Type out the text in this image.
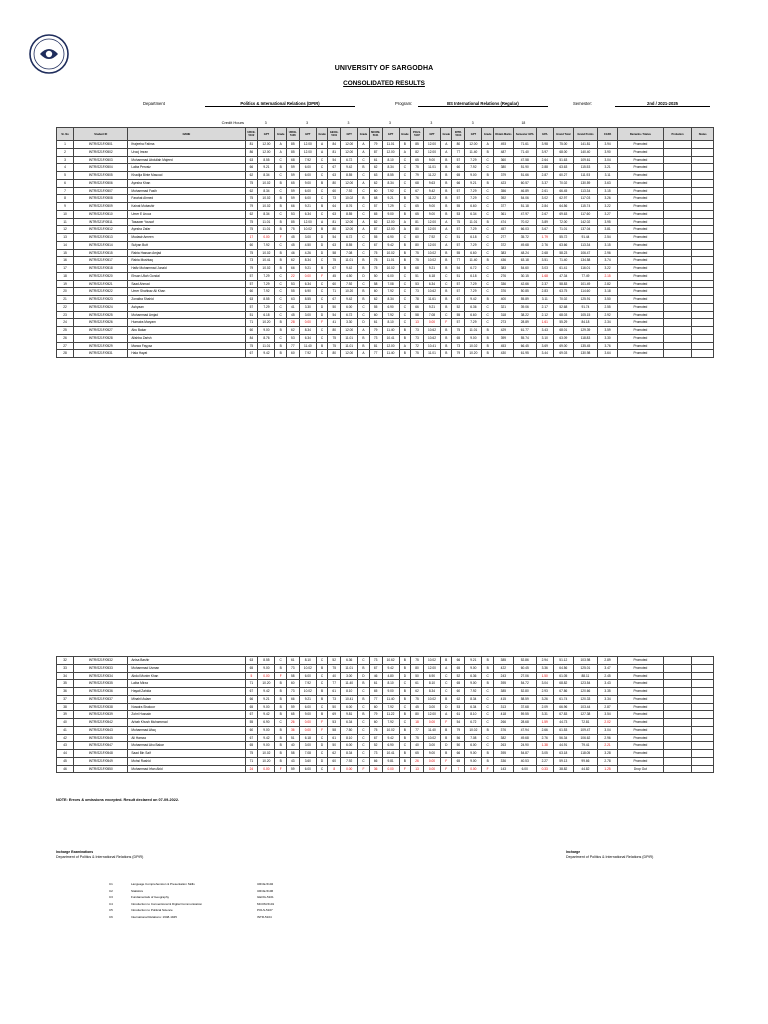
UNIVERSITY OF SARGODHA
CONSOLIDATED RESULTS
Department	Politics & International Relations (DPIR)	Program:	BS International Relations (Regular)	Semester:	2nd / 2021-2025
Credit Hours			3			3			3			3			3			3			18								
Sr. No	Student ID	NAME	URCE-5102	GPT	Grade	URCE-5106	GPT	Grade	GEOG-5101	GPT	Grade	MCOM-5101	GPT	Grade	POLS-5107	GPT	Grade	INTR-5104	GPT	Grade	Obtain Marks	Semester GPA	GPA	Grand Total	Grand Points	CGPA	Remarks / Status	Probation	Status
1	INTR/S21F/0501	Ifrajeeha Fatima	81	12.00	A	85	12.00	A	84	12.00	A	79	11.01	B	85	12.00	A	80	12.00	A	493	71.61	3.98	75.00	141.81	3.94	Promoted		
2	INTR/S21F/0502	Urooj Imran	86	12.00	A	85	12.00	A	81	12.00	A	87	12.00	A	82	12.00	A	77	11.40	B	487	71.40	3.97	68.00	140.40	3.90	Promoted		
3	INTR/S21F/0503	Muhammad Abdullah Majeed	63	8.55	C	68	7.92	C	54	6.72	C	61	8.10	C	65	9.00	B	57	7.29	C	360	47.58	2.64	51.63	109.61	3.04	Promoted		
4	INTR/S21F/0504	Laiba Pervaiz	66	9.21	B	59	6.00	C	67	9.42	B	62	8.34	C	75	11.01	B	60	7.92	C	380	51.90	2.88	63.63	115.53	3.21	Promoted		
5	INTR/S21F/0505	Khadija Binte Masood	62	8.34	C	59	6.00	C	63	8.55	C	63	8.55	C	79	11.22	B	65	9.00	B	379	51.66	2.87	60.27	111.93	3.11	Promoted		
6	INTR/S21F/0506	Ayesha Khan	75	10.02	B	65	9.00	B	80	12.00	A	62	8.34	C	68	9.63	B	66	9.21	B	423	60.57	3.37	70.02	130.59	3.63	Promoted		
7	INTR/S21F/0507	Muhammad Fasih	62	8.34	C	59	6.00	C	60	7.92	C	60	7.92	C	67	9.42	B	57	7.29	C	356	46.89	2.61	66.45	113.34	3.15	Promoted		
8	INTR/S21F/0508	Farahat Ahmed	75	10.02	B	59	6.00	C	73	10.02	B	68	9.21	B	76	11.22	B	57	7.29	C	392	54.06	3.02	62.97	117.03	3.26	Promoted		
9	INTR/S21F/0509	Kainat Mubashir	79	10.02	B	66	9.21	B	64	8.76	C	57	7.29	C	65	9.00	B	55	6.60	C	377	51.18	2.84	64.56	115.74	3.22	Promoted		
10	INTR/S21F/0510	Umer E Arooz	62	8.34	C	53	6.34	C	63	8.55	C	65	9.00	B	65	9.00	B	53	6.34	C	361	47.97	2.67	69.63	117.60	3.27	Promoted		
11	INTR/S21F/0511	Tasawar Yousaf	75	11.01	B	85	12.00	A	81	12.00	A	82	12.00	A	81	12.00	A	75	11.01	B	474	70.02	3.89	72.00	142.02	3.95	Promoted		
12	INTR/S21F/0512	Ayesha Zafar	75	11.01	B	75	10.02	B	80	12.00	A	87	12.00	A	80	12.00	A	57	7.29	C	457	66.03	3.67	71.01	137.04	3.81	Promoted		
13	INTR/S21F/0513	Mudasir Ameen	17	0.00	F	45	3.00	D	54	6.72	C	55	6.90	C	60	7.92	C	51	6.18	C	277	35.72	1.79	55.72	91.44	2.54	Promoted		
14	INTR/S21F/0514	Sufyan Butt	60	7.92	C	45	4.50	D	63	8.55	C	67	9.42	B	80	12.00	A	57	7.29	C	372	49.68	2.76	63.66	113.34	3.15	Promoted		
15	INTR/S21F/0515	Rabia Hassan Amjad	75	10.02	B	46	4.26	D	58	7.08	C	75	10.02	B	75	10.02	B	55	6.60	C	383	48.24	2.68	58.23	106.47	2.96	Promoted		
16	INTR/S21F/0517	Rabia Mushtaq	73	10.41	B	62	8.34	C	75	11.01	B	75	11.01	B	75	10.02	B	77	11.40	B	436	63.18	3.51	71.40	134.58	3.74	Promoted		
17	INTR/S21F/0518	Hafiz Muhammad Junaid	79	10.02	B	66	9.21	B	67	9.42	B	75	10.02	B	68	9.21	B	54	6.72	C	383	54.60	3.03	61.41	116.01	3.22	Promoted		
18	INTR/S21F/0520	Ehsan Ullah Gondal	57	7.29	C	22	0.00	F	45	4.50	D	50	6.00	C	51	6.18	C	51	6.18	C	276	30.15	1.68	47.34	77.49	2.15	Promoted		
19	INTR/S21F/0521	Saad Ahmad	57	7.29	C	53	6.34	C	60	7.92	C	58	7.08	C	53	6.34	C	57	7.29	C	336	42.66	2.37	58.83	101.49	2.82	Promoted		
20	INTR/S21F/0522	Umer Shahbaz Ali Khan	60	7.92	C	55	6.90	C	71	10.20	B	60	7.92	C	73	10.62	B	57	7.29	C	376	50.85	2.83	63.75	114.60	3.18	Promoted		
21	INTR/S21F/0523	Zonaiba Shahid	63	8.55	C	63	8.55	C	67	9.42	B	62	8.34	C	78	11.61	B	67	9.42	B	400	55.89	3.11	70.02	125.91	3.50	Promoted		
22	INTR/S21F/0524	Ashyaan	57	7.29	C	41	3.30	D	50	6.00	C	55	6.90	C	66	9.21	B	52	6.36	C	321	39.06	2.17	52.68	91.74	2.55	Promoted		
23	INTR/S21F/0525	Muhammad Amjad	51	6.18	C	45	3.00	D	54	6.72	C	60	7.92	C	58	7.08	C	55	6.60	C	318	38.22	2.12	68.03	105.15	2.92	Promoted		
24	INTR/S21F/0526	Humaira Maryam	71	10.20	B	28	0.00	F	41	3.30	D	61	8.10	C	13	0.00	F	57	7.29	C	273	28.89	1.61	55.29	84.18	2.34	Promoted		
25	INTR/S21F/0527	Abu Bakar	60	9.00	B	62	8.34	C	80	12.00	A	79	11.40	B	73	10.62	B	75	11.01	B	429	61.77	3.43	68.01	129.39	3.59	Promoted		
26	INTR/S21F/0528	Alishba Zarish	84	8.76	C	53	6.34	C	75	11.01	B	73	10.41	B	73	10.62	B	65	9.00	B	399	55.74	3.10	63.09	118.83	3.30	Promoted		
27	INTR/S21F/0529	Marwa Fayyaz	75	11.01	B	77	11.40	B	75	11.01	B	81	12.00	A	72	10.41	B	73	10.02	B	453	66.45	3.69	69.00	135.45	3.76	Promoted		
28	INTR/S21F/0531	Hala Hayat	67	9.42	B	60	7.92	C	80	12.00	A	77	11.40	B	75	11.01	B	79	10.20	B	430	61.95	3.44	69.03	130.98	3.64	Promoted		
32	INTR/S21F/0532	Anisa Bashir	63	8.55	C	61	8.10	C	52	6.36	C	73	10.62	B	75	10.02	B	66	9.21	B	385	52.86	2.94	51.12	103.98	2.89	Promoted		
33	INTR/S21F/0533	Muhammad Usman	65	9.00	B	73	10.02	B	75	11.01	B	67	9.42	B	80	12.00	A	65	9.00	B	422	60.45	3.36	64.56	125.01	3.47	Promoted		
34	INTR/S21F/0534	Abdul Munim Khan	5	0.00	F	58	6.00	C	40	3.00	D	46	4.80	D	50	6.90	C	52	6.36	C	243	27.06	1.50	61.05	88.11	2.45	Promoted		
35	INTR/S21F/0535	Laiba Mirza	71	10.20	B	60	7.92	C	77	11.40	B	61	8.10	C	61	8.10	C	65	9.00	B	395	54.72	3.04	68.82	123.54	3.43	Promoted		
36	INTR/S21F/0536	Hayati Zahida	67	9.42	B	73	10.02	B	61	8.10	C	65	9.00	B	62	8.34	C	60	7.92	C	385	52.80	2.93	67.86	120.66	3.35	Promoted		
37	INTR/S21F/0537	Minahil Aslam	66	9.21	B	66	9.21	B	73	10.41	B	77	11.40	B	75	10.02	B	62	8.34	C	415	58.59	3.26	61.74	120.33	3.34	Promoted		
38	INTR/S21F/0538	Nosaira Shakoor	65	9.00	B	59	6.00	C	50	6.00	C	60	7.92	C	45	3.00	D	53	6.34	C	313	37.68	2.09	66.96	103.44	2.87	Promoted		
39	INTR/S21F/0539	Zohri Hussain	67	9.42	B	65	9.00	B	69	9.81	B	79	11.22	B	80	12.00	A	61	8.10	C	418	59.55	3.31	67.83	127.38	3.54	Promoted		
40	INTR/S21F/0542	Arbab Khush Muhammad	55	6.90	C	26	0.00	F	53	6.34	C	60	7.92	C	18	0.00	F	54	6.72	C	266	28.68	1.59	44.73	72.81	2.02	Promoted		
41	INTR/S21F/0543	Muhammad Afaq	60	9.00	B	36	0.00	F	58	7.50	C	75	10.02	B	77	11.40	B	79	10.02	B	376	47.94	2.66	61.53	109.47	3.04	Promoted		
42	INTR/S21F/0545	Ali Hamza	67	9.42	B	51	6.18	C	61	8.10	C	67	9.42	B	75	10.02	B	56	7.08	C	382	49.68	2.76	56.34	106.62	2.96	Promoted		
43	INTR/S21F/0547	Muhammad Abu Bakar	65	9.00	B	40	3.00	D	50	6.00	C	52	6.90	C	40	3.00	D	50	6.00	C	263	24.90	1.38	44.91	79.41	2.21	Promoted		
44	INTR/S21F/0548	Saad Bin Saif	75	10.02	B	58	7.08	C	62	8.34	C	73	10.41	B	65	9.00	B	66	9.00	B	395	54.87	3.05	63.18	118.05	3.28	Promoted		
45	INTR/S21F/0549	Mohsi Rashid	71	10.20	B	43	3.60	D	60	7.92	C	66	9.81	B	26	0.00	F	65	9.00	B	336	40.53	2.27	59.13	99.66	2.78	Promoted		
46	INTR/S21F/0550	Muhammad Irfan Abid	24	0.00	F	59	6.00	C	8	0.00	F	36	0.00	F	13	0.00	F	7	0.00	F	143	6.00	0.33	38.82	44.82	1.25	Drop Out		
NOTE: Errors & omissions excepted. Result declared on 07-09-2022.
Incharge Examinations
Department of Politics & International Relations (DPIR)
Incharge
Department of Politics & International Relations (DPIR)
C1	Language Comprehension & Presentation Skills	URCE-5102
C2	Statistics	URCE-5106
C3	Fundamentals of Geography	GEOG-5101
C4	Introduction to Conventional & Digital Communication	MCOM-5101
C5	Introduction to Political Science	POLS-5107
C6	International Relations: 1648-1945	INTR-5104
